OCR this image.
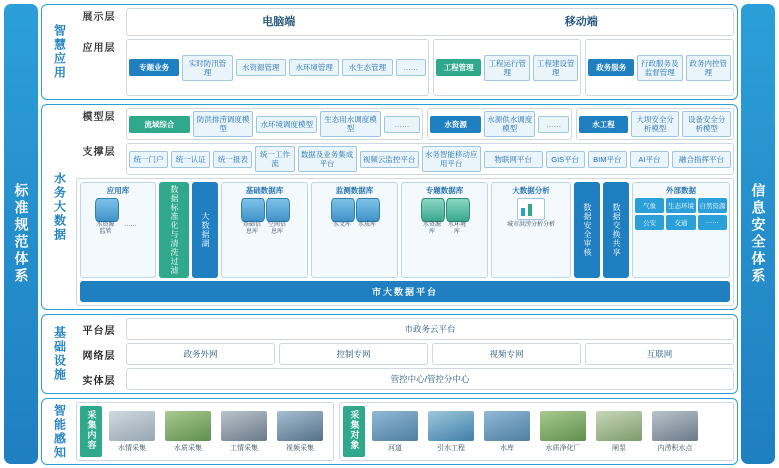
标准规范体系
智慧应用
展示层	电脑端	移动端
应用层
专题业务	实时防汛管理	水资源管理	水环境管理	水生态管理	……	工程管理	工程运行管理
工程建设管理	政务服务	行政服务及监督管理
政务内控管理
水务大数据
模型层
流域综合	防洪排涝调度模型	水环境调度模型	生态用水调度模型	……	水资源	水源供水调度模型	……	水工程	大坝安全分析模型
设备安全分析模型
支撑层
统一门户	统一认证	统一报表	统一工作流
数据及业务集成平台	视频云监控平台	水务智能移动应用平台	物联网平台	GIS平台	BIM平台	AI平台	融合指挥平台
应用库
水资源监管
……	数据标准化与清洗过滤	大数据湖
基础数据库
基础信息库
空间信息库
监测数据库
水文库	水质库
专题数据库
水资源库
水环境库
大数据分析
城市洪涝分析分析	数据安全审核	数据交换共享
外部数据
气象	生态环境 自然资源
公安	交通	……
市大数据平台
基础设施	平台层	市政务云平台
网络层	政务外网	控制专网	视频专网	互联网
实体层	管控中心/管控分中心
智能感知	采集内容	水情采集	水质采集	工情采集	视频采集	采集对象	河道	引水工程	水库	水质净化厂	闸泵	内涝积水点
信息安全体系
